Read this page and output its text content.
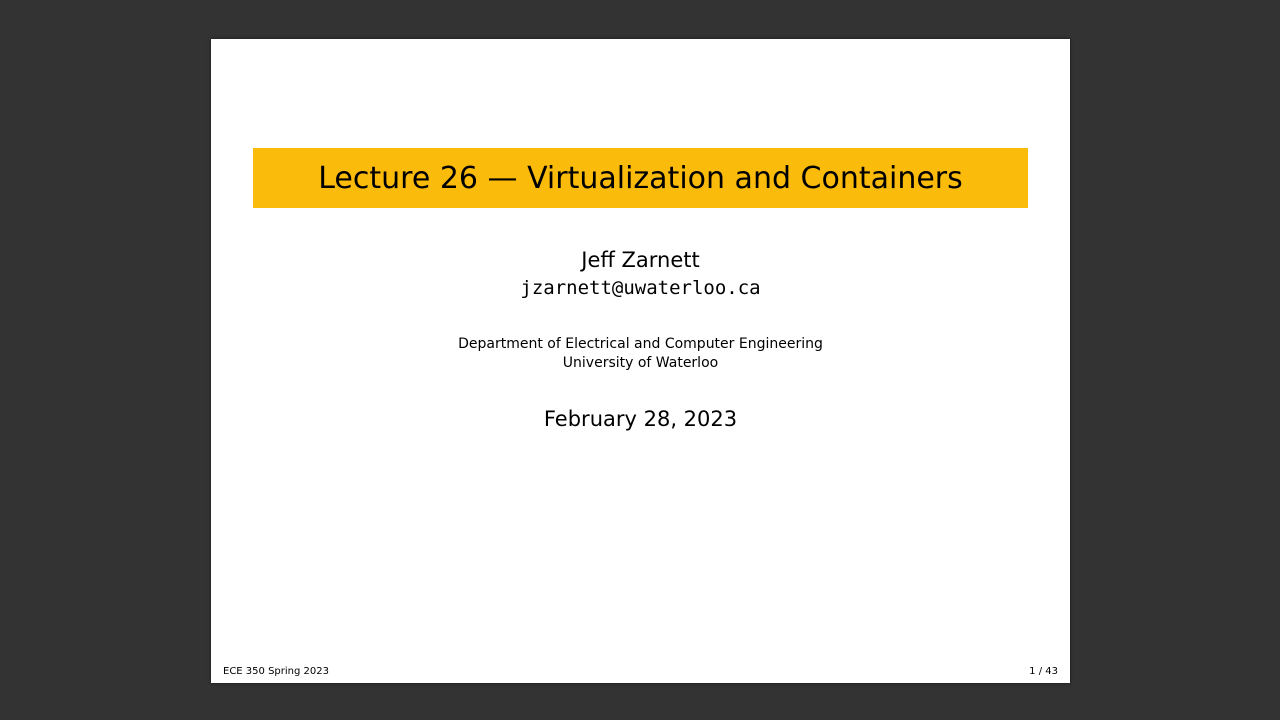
Lecture 26 — Virtualization and Containers
Jeff Zarnett
jzarnett@uwaterloo.ca
Department of Electrical and Computer Engineering
University of Waterloo
February 28, 2023
ECE 350 Spring 2023	1 / 43
